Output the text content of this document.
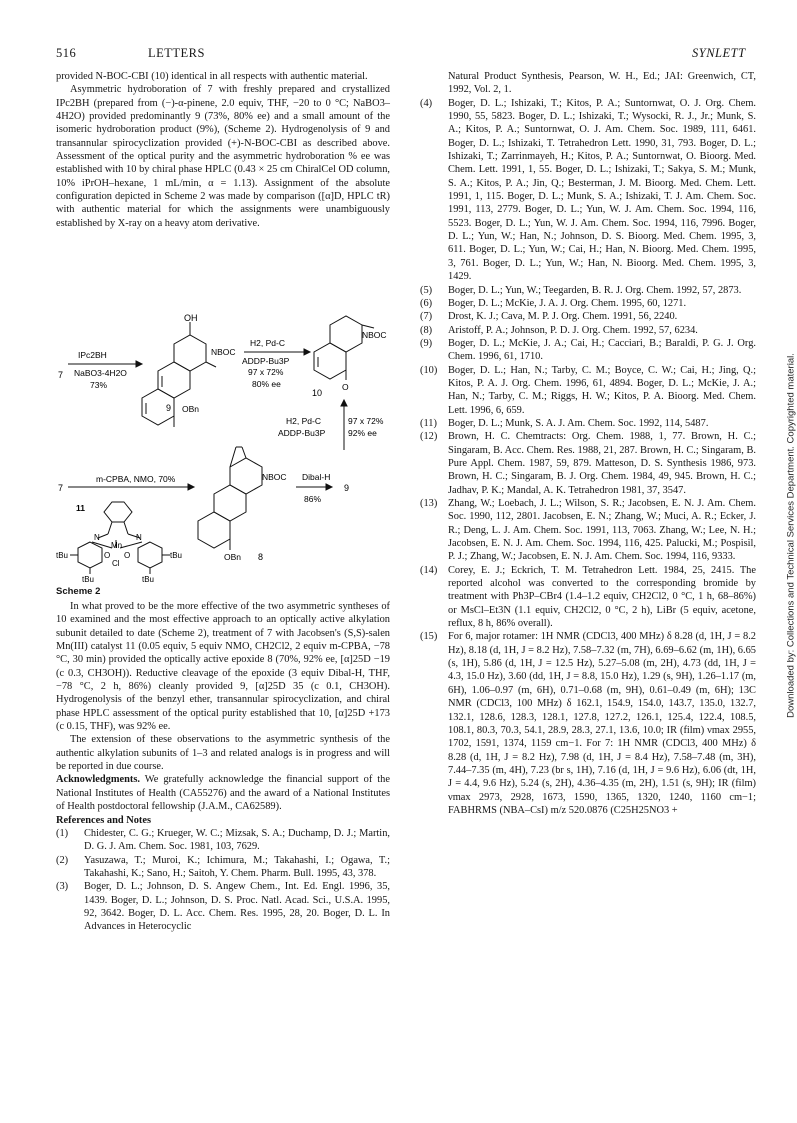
516	LETTERS	SYNLETT

provided N-BOC-CBI (10) identical in all respects with authentic material.

Asymmetric hydroboration of 7 with freshly prepared and crystallized IPc2BH (prepared from (−)-α-pinene, 2.0 equiv, THF, −20 to 0 °C; NaBO3–4H2O) provided predominantly 9 (73%, 80% ee) and a small amount of the isomeric hydroboration product (9%), (Scheme 2). Hydrogenolysis of 9 and transannular spirocyclization provided (+)-N-BOC-CBI as described above. Assessment of the optical purity and the asymmetric hydroboration % ee was established with 10 by chiral phase HPLC (0.43 × 25 cm ChiralCel OD column, 10% iPrOH–hexane, 1 mL/min, α = 1.13). Assignment of the absolute configuration depicted in Scheme 2 was made by comparison ([α]D, HPLC tR) with authentic material for which the assignments were unambiguously established by X-ray on a heavy atom derivative.

OH
IPc2BH
7 NaBO3-4H2O
73%
9 OBn
NBOC
H2, Pd-C
ADDP-Bu3P
97 x 72%
80% ee
10
O
NBOC
H2, Pd-C
ADDP-Bu3P
97 x 72%
92% ee
7
m-CPBA, NMO, 70%
11
Dibal-H
86%
9
NBOC
OBn 8
N	N
Mn
O O
Cl
tBu	tBu
tBu	tBu
Scheme 2

In what proved to be the more effective of the two asymmetric syntheses of 10 examined and the most effective approach to an optically active alkylation subunit detailed to date (Scheme 2), treatment of 7 with Jacobsen's (S,S)-salen Mn(III) catalyst 11 (0.05 equiv, 5 equiv NMO, CH2Cl2, 2 equiv m-CPBA, −78 °C, 30 min) provided the optically active epoxide 8 (70%, 92% ee, [α]25D −19 (c 0.3, CH3OH)). Reductive cleavage of the epoxide (3 equiv Dibal-H, THF, −78 °C, 2 h, 86%) cleanly provided 9, [α]25D 35 (c 0.1, CH3OH). Hydrogenolysis of the benzyl ether, transannular spirocyclization, and chiral phase HPLC assessment of the optical purity established that 10, [α]25D +173 (c 0.15, THF), was 92% ee.

The extension of these observations to the asymmetric synthesis of the authentic alkylation subunits of 1–3 and related analogs is in progress and will be reported in due course.

Acknowledgments. We gratefully acknowledge the financial support of the National Institutes of Health (CA55276) and the award of a National Institutes of Health postdoctoral fellowship (J.A.M., CA62589).

References and Notes

(1)	Chidester, C. G.; Krueger, W. C.; Mizsak, S. A.; Duchamp, D. J.; Martin, D. G. J. Am. Chem. Soc. 1981, 103, 7629.
(2)	Yasuzawa, T.; Muroi, K.; Ichimura, M.; Takahashi, I.; Ogawa, T.; Takahashi, K.; Sano, H.; Saitoh, Y. Chem. Pharm. Bull. 1995, 43, 378.
(3)	Boger, D. L.; Johnson, D. S. Angew Chem., Int. Ed. Engl. 1996, 35, 1439. Boger, D. L.; Johnson, D. S. Proc. Natl. Acad. Sci., U.S.A. 1995, 92, 3642. Boger, D. L. Acc. Chem. Res. 1995, 28, 20. Boger, D. L. In Advances in Heterocyclic
Natural Product Synthesis, Pearson, W. H., Ed.; JAI: Greenwich, CT, 1992, Vol. 2, 1.
(4)	Boger, D. L.; Ishizaki, T.; Kitos, P. A.; Suntornwat, O. J. Org. Chem. 1990, 55, 5823. Boger, D. L.; Ishizaki, T.; Wysocki, R. J., Jr.; Munk, S. A.; Kitos, P. A.; Suntornwat, O. J. Am. Chem. Soc. 1989, 111, 6461. Boger, D. L.; Ishizaki, T. Tetrahedron Lett. 1990, 31, 793. Boger, D. L.; Ishizaki, T.; Zarrinmayeh, H.; Kitos, P. A.; Suntornwat, O. Bioorg. Med. Chem. Lett. 1991, 1, 55. Boger, D. L.; Ishizaki, T.; Sakya, S. M.; Munk, S. A.; Kitos, P. A.; Jin, Q.; Besterman, J. M. Bioorg. Med. Chem. Lett. 1991, 1, 115. Boger, D. L.; Munk, S. A.; Ishizaki, T. J. Am. Chem. Soc. 1991, 113, 2779. Boger, D. L.; Yun, W. J. Am. Chem. Soc. 1994, 116, 5523. Boger, D. L.; Yun, W. J. Am. Chem. Soc. 1994, 116, 7996. Boger, D. L.; Yun, W.; Han, N.; Johnson, D. S. Bioorg. Med. Chem. 1995, 3, 611. Boger, D. L.; Yun, W.; Cai, H.; Han, N. Bioorg. Med. Chem. 1995, 3, 761. Boger, D. L.; Yun, W.; Han, N. Bioorg. Med. Chem. 1995, 3, 1429.
(5)	Boger, D. L.; Yun, W.; Teegarden, B. R. J. Org. Chem. 1992, 57, 2873.
(6)	Boger, D. L.; McKie, J. A. J. Org. Chem. 1995, 60, 1271.
(7)	Drost, K. J.; Cava, M. P. J. Org. Chem. 1991, 56, 2240.
(8)	Aristoff, P. A.; Johnson, P. D. J. Org. Chem. 1992, 57, 6234.
(9)	Boger, D. L.; McKie, J. A.; Cai, H.; Cacciari, B.; Baraldi, P. G. J. Org. Chem. 1996, 61, 1710.
(10)	Boger, D. L.; Han, N.; Tarby, C. M.; Boyce, C. W.; Cai, H.; Jing, Q.; Kitos, P. A. J. Org. Chem. 1996, 61, 4894. Boger, D. L.; McKie, J. A.; Han, N.; Tarby, C. M.; Riggs, H. W.; Kitos, P. A. Bioorg. Med. Chem. Lett. 1996, 6, 659.
(11)	Boger, D. L.; Munk, S. A. J. Am. Chem. Soc. 1992, 114, 5487.
(12)	Brown, H. C. Chemtracts: Org. Chem. 1988, 1, 77. Brown, H. C.; Singaram, B. Acc. Chem. Res. 1988, 21, 287. Brown, H. C.; Singaram, B. Pure Appl. Chem. 1987, 59, 879. Matteson, D. S. Synthesis 1986, 973. Brown, H. C.; Singaram, B. J. Org. Chem. 1984, 49, 945. Brown, H. C.; Jadhav, P. K.; Mandal, A. K. Tetrahedron 1981, 37, 3547.
(13)	Zhang, W.; Loebach, J. L.; Wilson, S. R.; Jacobsen, E. N. J. Am. Chem. Soc. 1990, 112, 2801. Jacobsen, E. N.; Zhang, W.; Muci, A. R.; Ecker, J. R.; Deng, L. J. Am. Chem. Soc. 1991, 113, 7063. Zhang, W.; Lee, N. H.; Jacobsen, E. N. J. Am. Chem. Soc. 1994, 116, 425. Palucki, M.; Pospisil, P. J.; Zhang, W.; Jacobsen, E. N. J. Am. Chem. Soc. 1994, 116, 9333.
(14)	Corey, E. J.; Eckrich, T. M. Tetrahedron Lett. 1984, 25, 2415. The reported alcohol was converted to the corresponding bromide by treatment with Ph3P–CBr4 (1.4–1.2 equiv, CH2Cl2, 0 °C, 1 h, 68–86%) or MsCl–Et3N (1.1 equiv, CH2Cl2, 0 °C, 2 h), LiBr (5 equiv, acetone, reflux, 8 h, 86% overall).
(15)	For 6, major rotamer: 1H NMR (CDCl3, 400 MHz) δ 8.28 (d, 1H, J = 8.2 Hz), 8.18 (d, 1H, J = 8.2 Hz), 7.58–7.32 (m, 7H), 6.69–6.62 (m, 1H), 6.65 (s, 1H), 5.86 (d, 1H, J = 12.5 Hz), 5.27–5.08 (m, 2H), 4.73 (dd, 1H, J = 4.3, 15.0 Hz), 3.60 (dd, 1H, J = 8.8, 15.0 Hz), 1.29 (s, 9H), 1.26–1.17 (m, 6H), 1.06–0.97 (m, 6H), 0.71–0.68 (m, 9H), 0.61–0.49 (m, 6H); 13C NMR (CDCl3, 100 MHz) δ 162.1, 154.9, 154.0, 143.7, 135.0, 132.7, 132.1, 128.6, 128.3, 128.1, 127.8, 127.2, 126.1, 125.4, 122.4, 108.5, 108.1, 80.3, 70.3, 54.1, 28.9, 28.3, 27.1, 13.6, 10.0; IR (film) νmax 2955, 1702, 1591, 1374, 1159 cm−1. For 7: 1H NMR (CDCl3, 400 MHz) δ 8.28 (d, 1H, J = 8.2 Hz), 7.98 (d, 1H, J = 8.4 Hz), 7.58–7.48 (m, 3H), 7.44–7.35 (m, 4H), 7.23 (br s, 1H), 7.16 (d, 1H, J = 9.6 Hz), 6.06 (dt, 1H, J = 4.4, 9.6 Hz), 5.24 (s, 2H), 4.36–4.35 (m, 2H), 1.51 (s, 9H); IR (film) νmax 2973, 2928, 1673, 1590, 1365, 1320, 1240, 1160 cm−1; FABHRMS (NBA–CsI) m/z 520.0876 (C25H25NO3 +
Downloaded by: Collections and Technical Services Department. Copyrighted material.
